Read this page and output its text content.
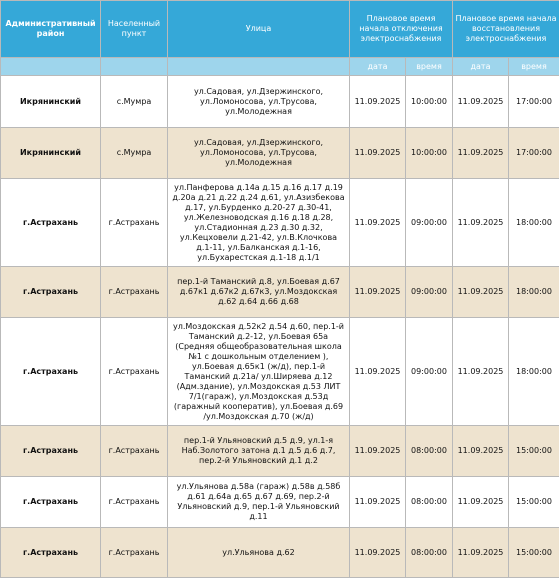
Административный район	Населенный пункт	Улица	Плановое время начала отключения электроснабжения		Плановое время начала восстановления электроснабжения	
			дата	время	дата	время
Икрянинский	с.Мумра	ул.Садовая, ул.Дзержинского, ул.Ломоносова, ул.Трусова, ул.Молодежная	11.09.2025	10:00:00	11.09.2025	17:00:00
Икрянинский	с.Мумра	ул.Садовая, ул.Дзержинского, ул.Ломоносова, ул.Трусова, ул.Молодежная	11.09.2025	10:00:00	11.09.2025	17:00:00
г.Астрахань	г.Астрахань	ул.Панферова д.14а д.15 д.16 д.17 д.19 д.20а д.21 д.22 д.24 д.61, ул.Азизбекова д.17, ул.Бурденко д.20-27 д.30-41, ул.Железноводская д.16 д.18 д.28, ул.Стадионная д.23 д.30 д.32, ул.Кецховели д.21-42, ул.В.Клочкова д.1-11, ул.Балканская д.1-16, ул.Бухарестская д.1-18 д.1/1	11.09.2025	09:00:00	11.09.2025	18:00:00
г.Астрахань	г.Астрахань	пер.1-й Таманский д.8, ул.Боевая д.67 д.67к1 д.67к2 д.67к3, ул.Моздокская д.62 д.64 д.66 д.68	11.09.2025	09:00:00	11.09.2025	18:00:00
г.Астрахань	г.Астрахань	ул.Моздокская д.52к2 д.54 д.60, пер.1-й Таманский д.2-12, ул.Боевая 65а (Средняя общеобразовательная школа №1 с дошкольным отделением ), ул.Боевая д.65к1 (ж/д), пер.1-й Таманский д.21а/ ул.Ширяева д.12 (Адм.здание), ул.Моздокская д.53 ЛИТ 7/1(гараж), ул.Моздокская д.53д (гаражный кооператив), ул.Боевая д.69 /ул.Моздокская д.70 (ж/д)	11.09.2025	09:00:00	11.09.2025	18:00:00
г.Астрахань	г.Астрахань	пер.1-й Ульяновский д.5 д.9, ул.1-я Наб.Золотого затона д.1 д.5 д.6 д.7, пер.2-й Ульяновский д.1 д.2	11.09.2025	08:00:00	11.09.2025	15:00:00
г.Астрахань	г.Астрахань	ул.Ульянова д.58а (гараж) д.58в д.58б д.61 д.64а д.65 д.67 д.69, пер.2-й Ульяновский д.9, пер.1-й Ульяновский д.11	11.09.2025	08:00:00	11.09.2025	15:00:00
г.Астрахань	г.Астрахань	ул.Ульянова д.62	11.09.2025	08:00:00	11.09.2025	15:00:00
